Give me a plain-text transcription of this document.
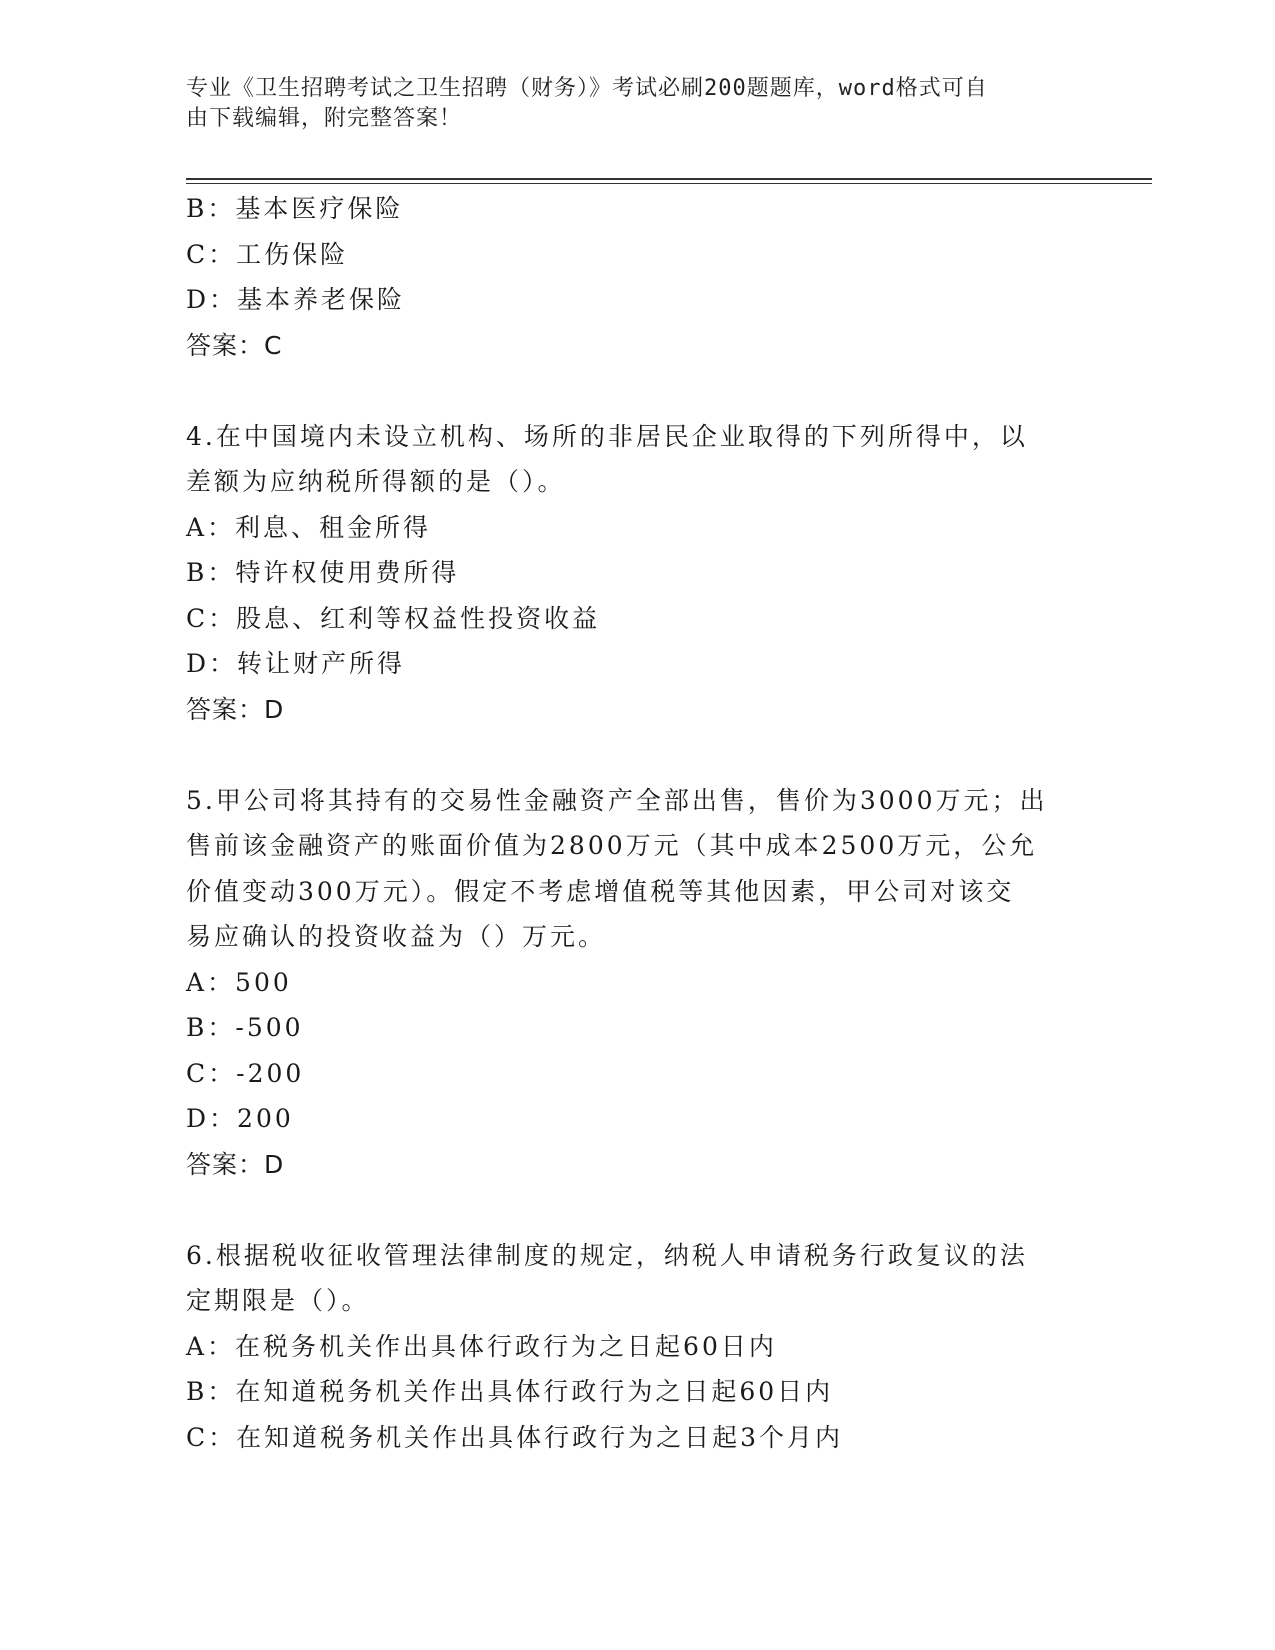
专业《卫生招聘考试之卫生招聘（财务）》考试必刷200题题库，word格式可自
由下载编辑，附完整答案！
B：基本医疗保险
C：工伤保险
D：基本养老保险
答案：C
4.在中国境内未设立机构、场所的非居民企业取得的下列所得中，以
差额为应纳税所得额的是（）。
A：利息、租金所得
B：特许权使用费所得
C：股息、红利等权益性投资收益
D：转让财产所得
答案：D
5.甲公司将其持有的交易性金融资产全部出售，售价为3000万元；出
售前该金融资产的账面价值为2800万元（其中成本2500万元，公允
价值变动300万元）。假定不考虑增值税等其他因素，甲公司对该交
易应确认的投资收益为（）万元。
A：500
B：-500
C：-200
D：200
答案：D
6.根据税收征收管理法律制度的规定，纳税人申请税务行政复议的法
定期限是（）。
A：在税务机关作出具体行政行为之日起60日内
B：在知道税务机关作出具体行政行为之日起60日内
C：在知道税务机关作出具体行政行为之日起3个月内
